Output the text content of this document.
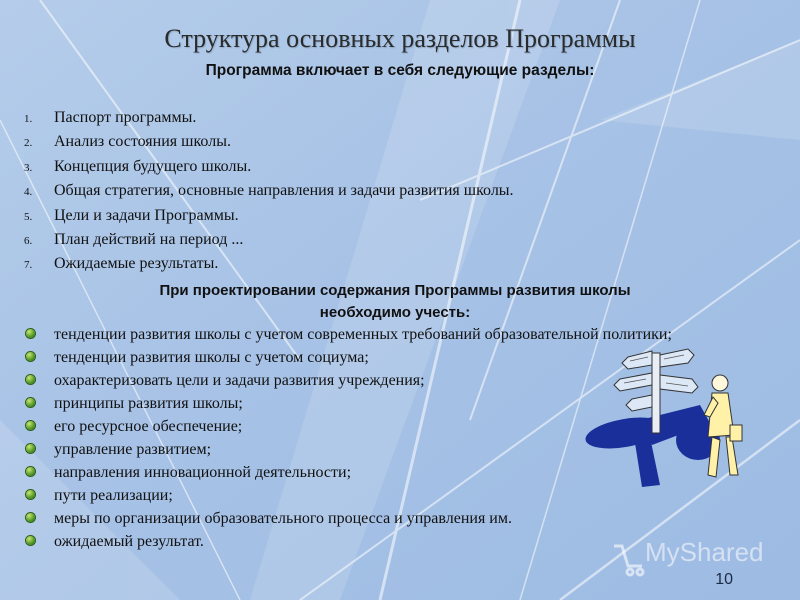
Структура основных разделов Программы
Программа включает в себя следующие разделы:
1.	Паспорт программы.
2.	Анализ состояния школы.
3.	Концепция будущего школы.
4.	Общая стратегия, основные направления и задачи развития школы.
5.	Цели и задачи Программы.
6.	План действий на период ...
7.	Ожидаемые результаты.
При проектировании содержания Программы развития школы
необходимо учесть:
тенденции развития школы с учетом современных требований образовательной политики;
тенденции развития школы с учетом социума;
охарактеризовать цели и задачи развития учреждения;
принципы развития школы;
его ресурсное обеспечение;
управление развитием;
направления инновационной деятельности;
пути реализации;
меры по организации образовательного процесса и управления им.
ожидаемый результат.	MyShared
10
